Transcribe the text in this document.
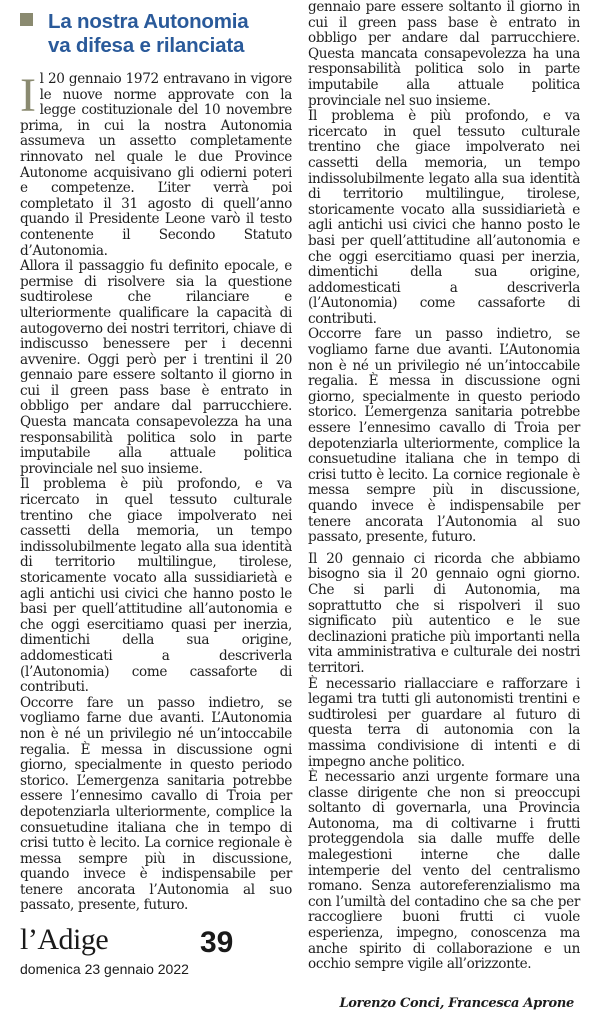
La nostra Autonomia
va difesa e rilanciata

Il 20 gennaio 1972 entravano in vigore le nuove norme approvate con la legge costituzionale del 10 novembre prima, in cui la nostra Autonomia assumeva un assetto completamente rinnovato nel quale le due Province Autonome acquisivano gli odierni poteri e competenze. L’iter verrà poi completato il 31 agosto di quell’anno quando il Presidente Leone varò il testo contenente il Secondo Statuto d’Autonomia.

Allora il passaggio fu definito epocale, e permise di risolvere sia la questione sudtirolese che rilanciare e ulteriormente qualificare la capacità di autogoverno dei nostri territori, chiave di indiscusso benessere per i decenni avvenire. Oggi però per i trentini il 20 gennaio pare essere soltanto il giorno in cui il green pass base è entrato in obbligo per andare dal parrucchiere. Questa mancata consapevolezza ha una responsabilità politica solo in parte imputabile alla attuale politica provinciale nel suo insieme.

Il problema è più profondo, e va ricercato in quel tessuto culturale trentino che giace impolverato nei cassetti della memoria, un tempo indissolubilmente legato alla sua identità di territorio multilingue, tirolese, storicamente vocato alla sussidiarietà e agli antichi usi civici che hanno posto le basi per quell’attitudine all’autonomia e che oggi esercitiamo quasi per inerzia, dimentichi della sua origine, addomesticati a descriverla (l’Autonomia) come cassaforte di contributi.

Occorre fare un passo indietro, se vogliamo farne due avanti. L’Autonomia non è né un privilegio né un’intoccabile regalia. È messa in discussione ogni giorno, specialmente in questo periodo storico. L’emergenza sanitaria potrebbe essere l’ennesimo cavallo di Troia per depotenziarla ulteriormente, complice la consuetudine italiana che in tempo di crisi tutto è lecito. La cornice regionale è messa sempre più in discussione, quando invece è indispensabile per tenere ancorata l’Autonomia al suo passato, presente, futuro.

gennaio pare essere soltanto il giorno in cui il green pass base è entrato in obbligo per andare dal parrucchiere. Questa mancata consapevolezza ha una responsabilità politica solo in parte imputabile alla attuale politica provinciale nel suo insieme.

Il problema è più profondo, e va ricercato in quel tessuto culturale trentino che giace impolverato nei cassetti della memoria, un tempo indissolubilmente legato alla sua identità di territorio multilingue, tirolese, storicamente vocato alla sussidiarietà e agli antichi usi civici che hanno posto le basi per quell’attitudine all’autonomia e che oggi esercitiamo quasi per inerzia, dimentichi della sua origine, addomesticati a descriverla (l’Autonomia) come cassaforte di contributi.

Occorre fare un passo indietro, se vogliamo farne due avanti. L’Autonomia non è né un privilegio né un’intoccabile regalia. È messa in discussione ogni giorno, specialmente in questo periodo storico. L’emergenza sanitaria potrebbe essere l’ennesimo cavallo di Troia per depotenziarla ulteriormente, complice la consuetudine italiana che in tempo di crisi tutto è lecito. La cornice regionale è messa sempre più in discussione, quando invece è indispensabile per tenere ancorata l’Autonomia al suo passato, presente, futuro.

Il 20 gennaio ci ricorda che abbiamo bisogno sia il 20 gennaio ogni giorno. Che si parli di Autonomia, ma soprattutto che si rispolveri il suo significato più autentico e le sue declinazioni pratiche più importanti nella vita amministrativa e culturale dei nostri territori.

È necessario riallacciare e rafforzare i legami tra tutti gli autonomisti trentini e sudtirolesi per guardare al futuro di questa terra di autonomia con la massima condivisione di intenti e di impegno anche politico.

È necessario anzi urgente formare una classe dirigente che non si preoccupi soltanto di governarla, una Provincia Autonoma, ma di coltivarne i frutti proteggendola sia dalle muffe delle malegestioni interne che dalle intemperie del vento del centralismo romano. Senza autoreferenzialismo ma con l’umiltà del contadino che sa che per raccogliere buoni frutti ci vuole esperienza, impegno, conoscenza ma anche spirito di collaborazione e un occhio sempre vigile all’orizzonte.

l’Adige
domenica 23 gennaio 2022
39
Lorenzo Conci, Francesca Aprone
